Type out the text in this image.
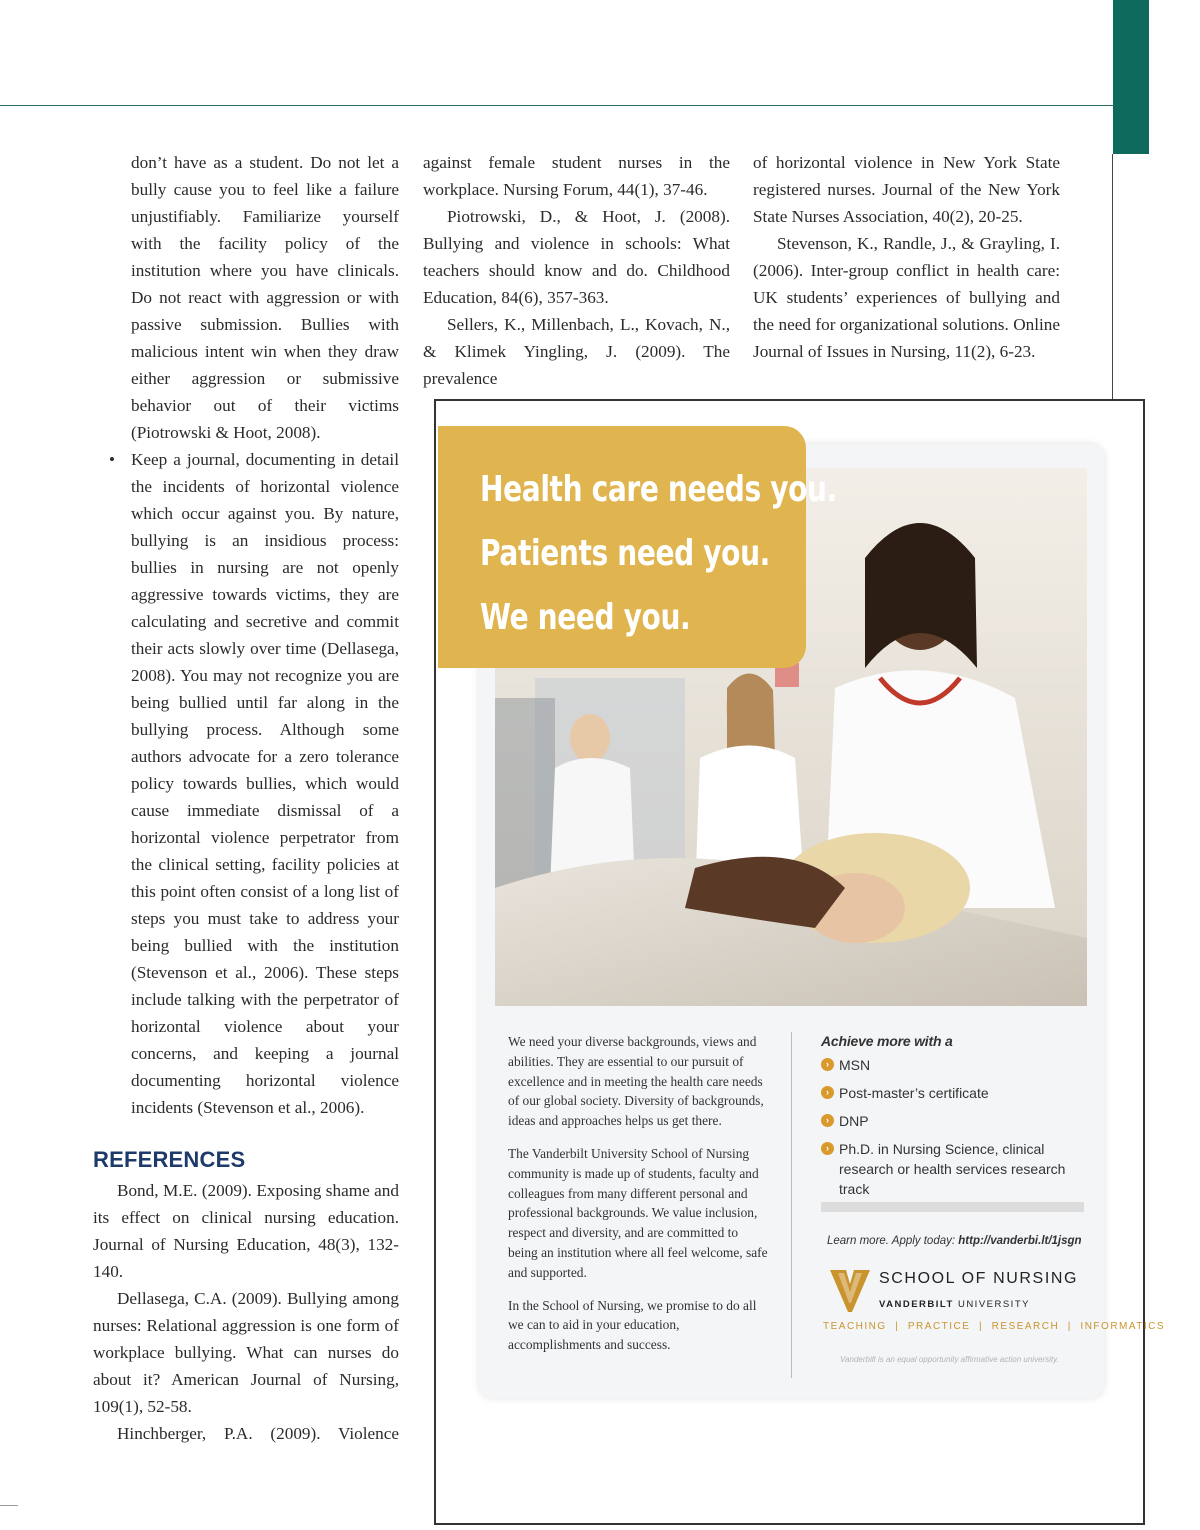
don’t have as a student. Do not let a bully cause you to feel like a failure unjustifiably. Familiarize yourself with the facility policy of the institution where you have clinicals. Do not react with aggression or with passive submission. Bullies with malicious intent win when they draw either aggression or submissive behavior out of their victims (Piotrowski & Hoot, 2008).

• Keep a journal, documenting in detail the incidents of horizontal violence which occur against you. By nature, bullying is an insidious process: bullies in nursing are not openly aggressive towards victims, they are calculating and secretive and commit their acts slowly over time (Dellasega, 2008). You may not recognize you are being bullied until far along in the bullying process. Although some authors advocate for a zero tolerance policy towards bullies, which would cause immediate dismissal of a horizontal violence perpetrator from the clinical setting, facility policies at this point often consist of a long list of steps you must take to address your being bullied with the institution (Stevenson et al., 2006). These steps include talking with the perpetrator of horizontal violence about your concerns, and keeping a journal documenting horizontal violence incidents (Stevenson et al., 2006).

REFERENCES

Bond, M.E. (2009). Exposing shame and its effect on clinical nursing education. Journal of Nursing Education, 48(3), 132-140.

Dellasega, C.A. (2009). Bullying among nurses: Relational aggression is one form of workplace bullying. What can nurses do about it? American Journal of Nursing, 109(1), 52-58.

Hinchberger, P.A. (2009). Violence

against female student nurses in the workplace. Nursing Forum, 44(1), 37-46.

Piotrowski, D., & Hoot, J. (2008). Bullying and violence in schools: What teachers should know and do. Childhood Education, 84(6), 357-363.

Sellers, K., Millenbach, L., Kovach, N., & Klimek Yingling, J. (2009). The prevalence

of horizontal violence in New York State registered nurses. Journal of the New York State Nurses Association, 40(2), 20-25.

Stevenson, K., Randle, J., & Grayling, I. (2006). Inter-group conflict in health care: UK students’ experiences of bullying and the need for organizational solutions. Online Journal of Issues in Nursing, 11(2), 6-23.

Health care needs you.
Patients need you.
We need you.

We need your diverse backgrounds, views and abilities. They are essential to our pursuit of excellence and in meeting the health care needs of our global society. Diversity of backgrounds, ideas and approaches helps us get there.

The Vanderbilt University School of Nursing community is made up of students, faculty and colleagues from many different personal and professional backgrounds. We value inclusion, respect and diversity, and are committed to being an institution where all feel welcome, safe and supported.

In the School of Nursing, we promise to do all we can to aid in your education, accomplishments and success.

Achieve more with a
› MSN
› Post-master’s certificate
› DNP
› Ph.D. in Nursing Science, clinical research or health services research track
Learn more. Apply today: http://vanderbi.lt/1jsgn
SCHOOL OF NURSING
VANDERBILT UNIVERSITY
TEACHING  |  PRACTICE  |  RESEARCH  |  INFORMATICS
Vanderbilt is an equal opportunity affirmative action university.
